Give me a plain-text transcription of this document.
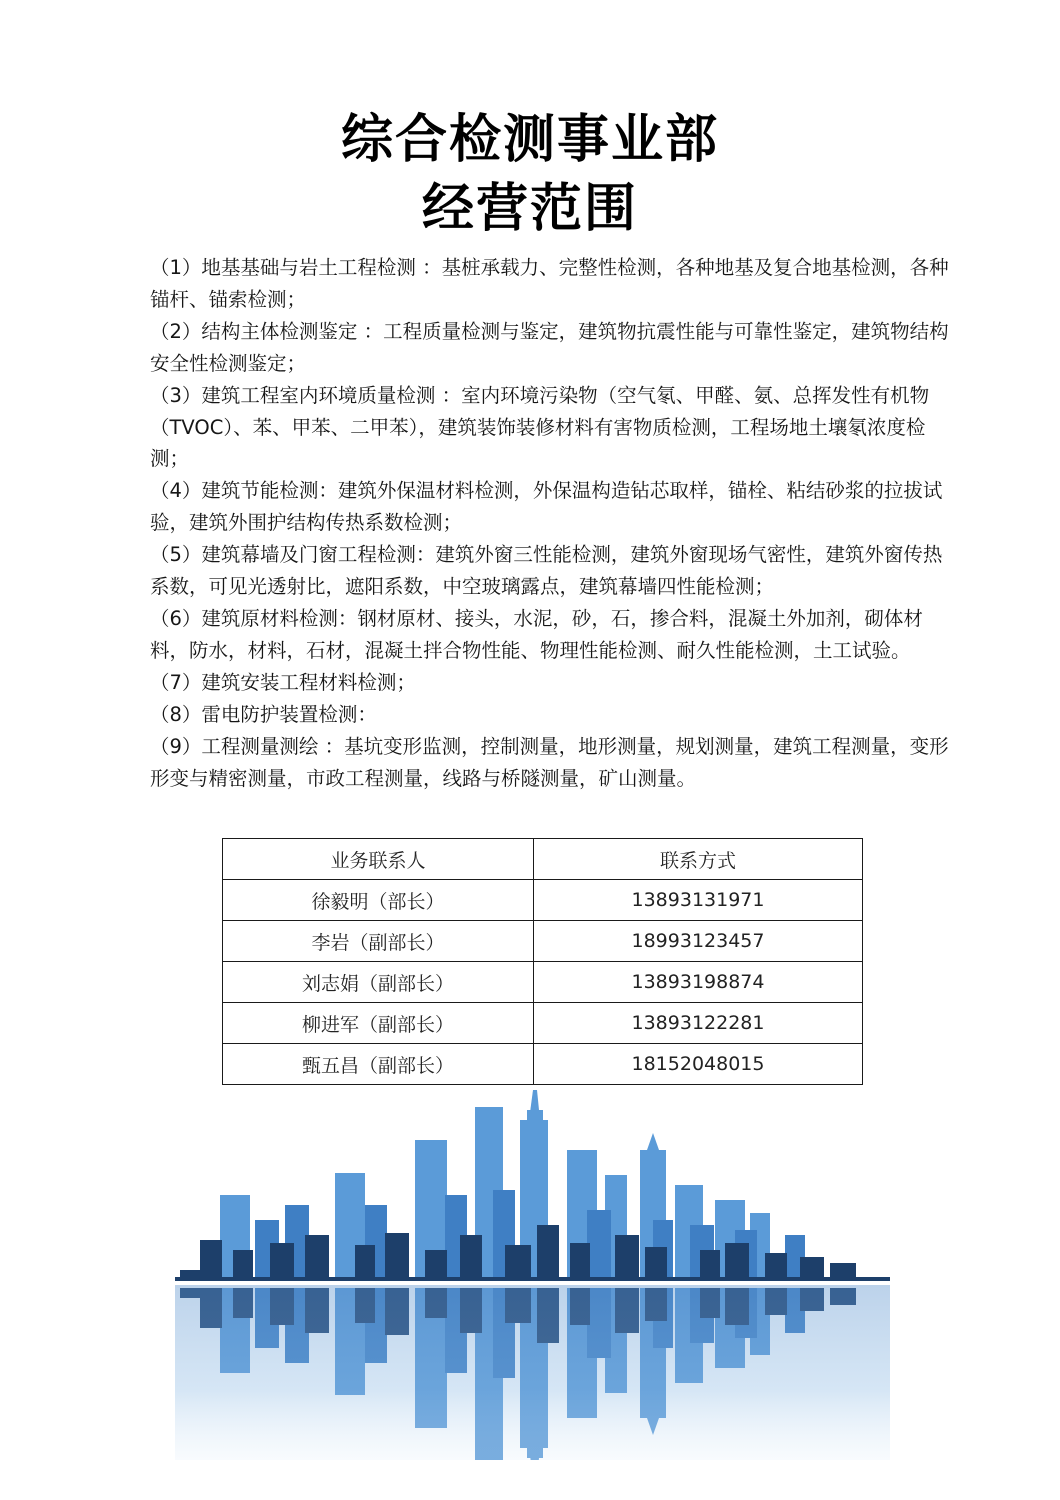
综合检测事业部
经营范围

（1）地基基础与岩土工程检测 ：基桩承载力、完整性检测，各种地基及复合地基检测，各种锚杆、锚索检测；

（2）结构主体检测鉴定 ：工程质量检测与鉴定，建筑物抗震性能与可靠性鉴定，建筑物结构安全性检测鉴定；

（3）建筑工程室内环境质量检测 ：室内环境污染物（空气氡、甲醛、氨、总挥发性有机物（TVOC）、苯、甲苯、二甲苯），建筑装饰装修材料有害物质检测，工程场地土壤氡浓度检测；

（4）建筑节能检测：建筑外保温材料检测，外保温构造钻芯取样，锚栓、粘结砂浆的拉拔试验，建筑外围护结构传热系数检测；

（5）建筑幕墙及门窗工程检测：建筑外窗三性能检测，建筑外窗现场气密性，建筑外窗传热系数，可见光透射比，遮阳系数，中空玻璃露点，建筑幕墙四性能检测；

（6）建筑原材料检测：钢材原材、接头，水泥，砂，石，掺合料，混凝土外加剂，砌体材料，防水，材料，石材，混凝土拌合物性能、物理性能检测、耐久性能检测，土工试验。

（7）建筑安装工程材料检测；

（8）雷电防护装置检测：

（9）工程测量测绘 ：基坑变形监测，控制测量，地形测量，规划测量，建筑工程测量，变形形变与精密测量，市政工程测量，线路与桥隧测量，矿山测量。

业务联系人	联系方式
徐毅明（部长）	13893131971
李岩（副部长）	18993123457
刘志娟（副部长）	13893198874
柳进军（副部长）	13893122281
甄五昌（副部长）	18152048015
